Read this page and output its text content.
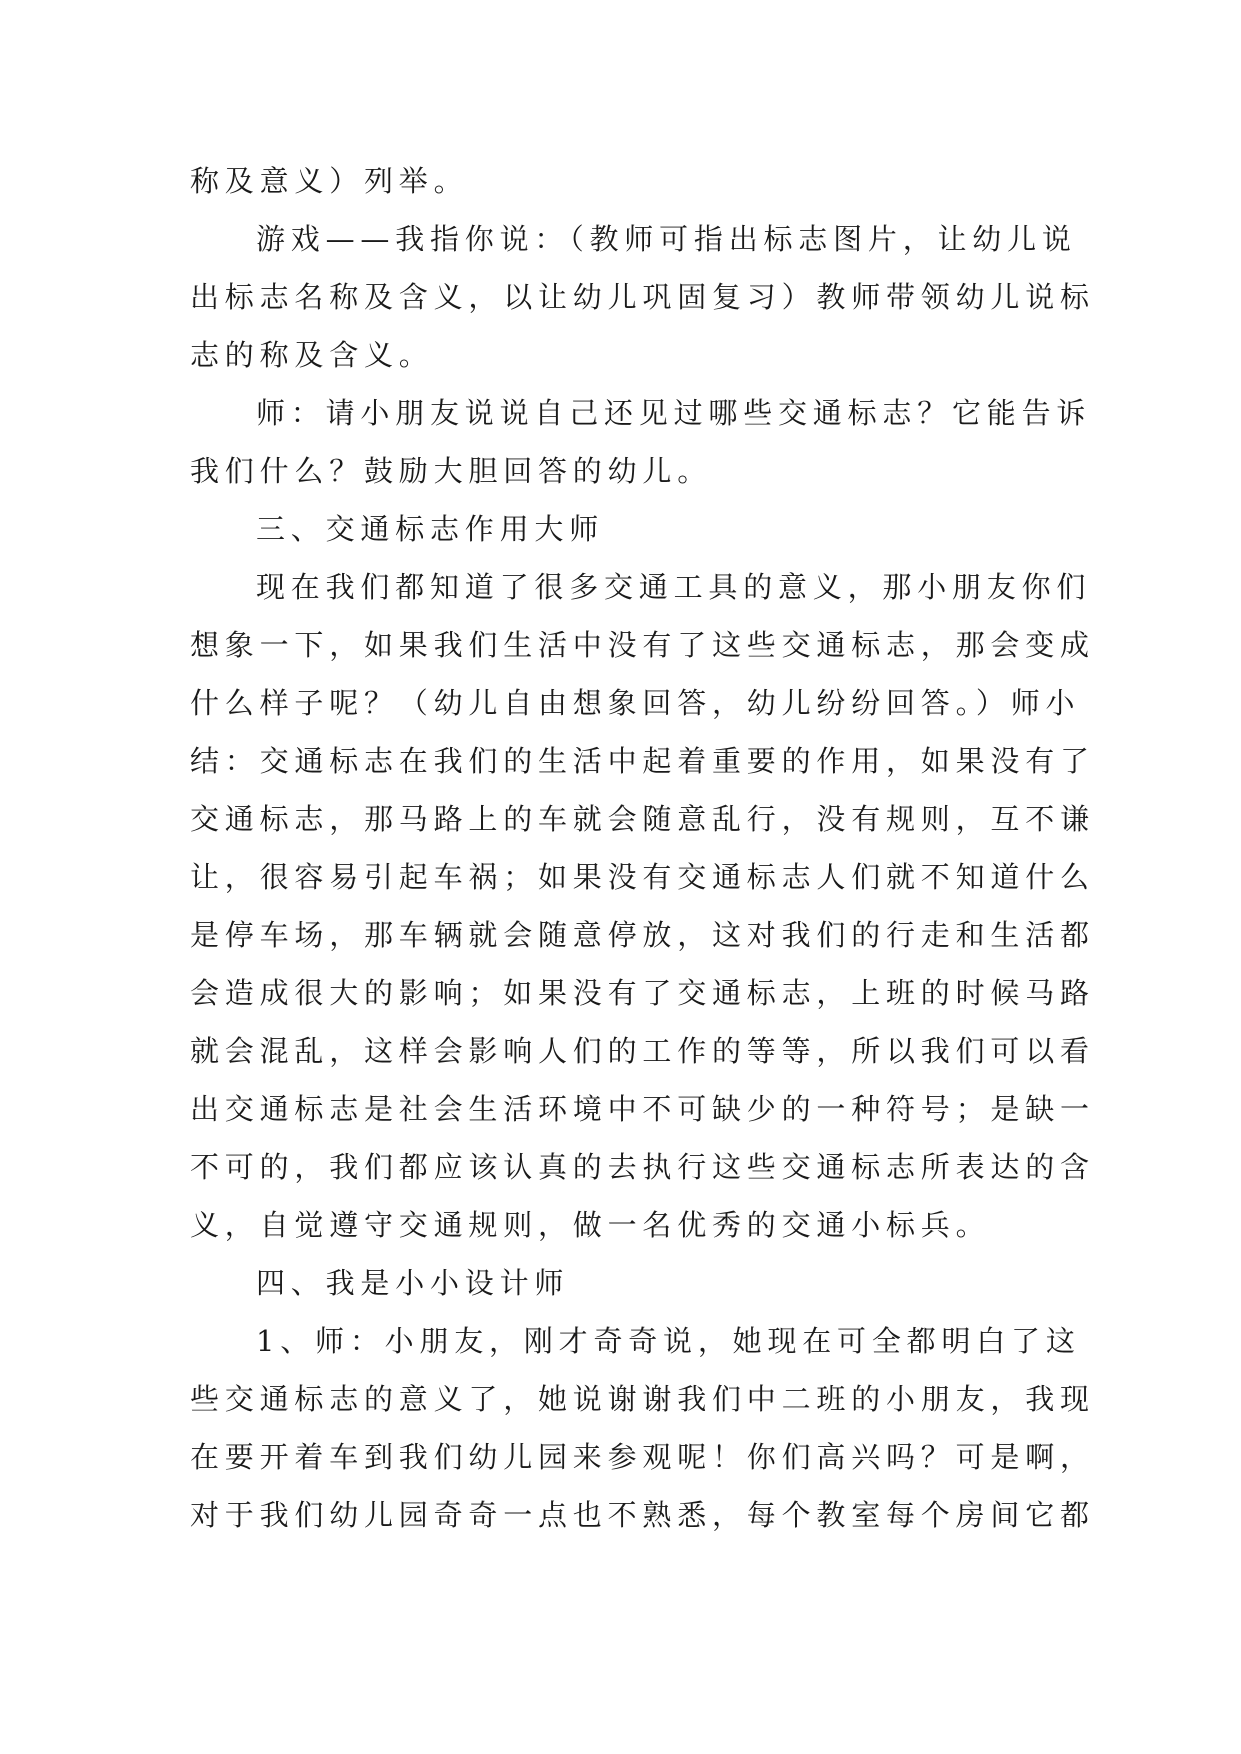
称及意义）列举。
游戏——我指你说：（教师可指出标志图片，让幼儿说
出标志名称及含义，以让幼儿巩固复习）教师带领幼儿说标
志的称及含义。
师：请小朋友说说自己还见过哪些交通标志？它能告诉
我们什么？鼓励大胆回答的幼儿。
三、交通标志作用大师
现在我们都知道了很多交通工具的意义，那小朋友你们
想象一下，如果我们生活中没有了这些交通标志，那会变成
什么样子呢？（幼儿自由想象回答，幼儿纷纷回答。）师小
结：交通标志在我们的生活中起着重要的作用，如果没有了
交通标志，那马路上的车就会随意乱行，没有规则，互不谦
让，很容易引起车祸；如果没有交通标志人们就不知道什么
是停车场，那车辆就会随意停放，这对我们的行走和生活都
会造成很大的影响；如果没有了交通标志，上班的时候马路
就会混乱，这样会影响人们的工作的等等，所以我们可以看
出交通标志是社会生活环境中不可缺少的一种符号；是缺一
不可的，我们都应该认真的去执行这些交通标志所表达的含
义，自觉遵守交通规则，做一名优秀的交通小标兵。
四、我是小小设计师
1、师：小朋友，刚才奇奇说，她现在可全都明白了这
些交通标志的意义了，她说谢谢我们中二班的小朋友，我现
在要开着车到我们幼儿园来参观呢！你们高兴吗？可是啊，
对于我们幼儿园奇奇一点也不熟悉，每个教室每个房间它都
